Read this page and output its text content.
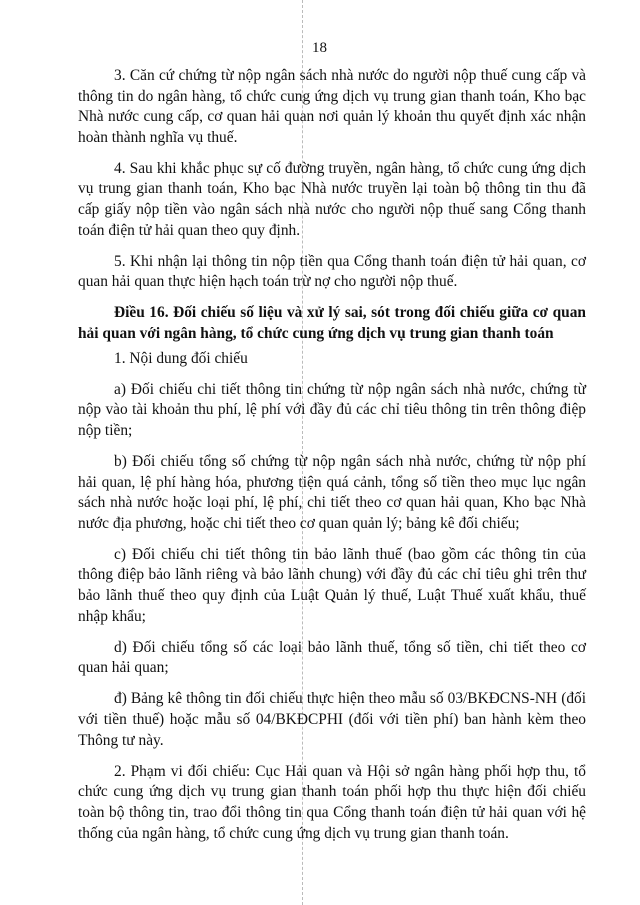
18

3. Căn cứ chứng từ nộp ngân sách nhà nước do người nộp thuế cung cấp và thông tin do ngân hàng, tổ chức cung ứng dịch vụ trung gian thanh toán, Kho bạc Nhà nước cung cấp, cơ quan hải quan nơi quản lý khoản thu quyết định xác nhận hoàn thành nghĩa vụ thuế.

4. Sau khi khắc phục sự cố đường truyền, ngân hàng, tổ chức cung ứng dịch vụ trung gian thanh toán, Kho bạc Nhà nước truyền lại toàn bộ thông tin thu đã cấp giấy nộp tiền vào ngân sách nhà nước cho người nộp thuế sang Cổng thanh toán điện tử hải quan theo quy định.

5. Khi nhận lại thông tin nộp tiền qua Cổng thanh toán điện tử hải quan, cơ quan hải quan thực hiện hạch toán trừ nợ cho người nộp thuế.

Điều 16. Đối chiếu số liệu và xử lý sai, sót trong đối chiếu giữa cơ quan hải quan với ngân hàng, tổ chức cung ứng dịch vụ trung gian thanh toán

1. Nội dung đối chiếu

a) Đối chiếu chi tiết thông tin chứng từ nộp ngân sách nhà nước, chứng từ nộp vào tài khoản thu phí, lệ phí với đầy đủ các chỉ tiêu thông tin trên thông điệp nộp tiền;

b) Đối chiếu tổng số chứng từ nộp ngân sách nhà nước, chứng từ nộp phí hải quan, lệ phí hàng hóa, phương tiện quá cảnh, tổng số tiền theo mục lục ngân sách nhà nước hoặc loại phí, lệ phí, chi tiết theo cơ quan hải quan, Kho bạc Nhà nước địa phương, hoặc chi tiết theo cơ quan quản lý; bảng kê đối chiếu;

c) Đối chiếu chi tiết thông tin bảo lãnh thuế (bao gồm các thông tin của thông điệp bảo lãnh riêng và bảo lãnh chung) với đầy đủ các chỉ tiêu ghi trên thư bảo lãnh thuế theo quy định của Luật Quản lý thuế, Luật Thuế xuất khẩu, thuế nhập khẩu;

d) Đối chiếu tổng số các loại bảo lãnh thuế, tổng số tiền, chi tiết theo cơ quan hải quan;

đ) Bảng kê thông tin đối chiếu thực hiện theo mẫu số 03/BKĐCNS-NH (đối với tiền thuế) hoặc mẫu số 04/BKĐCPHI (đối với tiền phí) ban hành kèm theo Thông tư này.

2. Phạm vi đối chiếu: Cục Hải quan và Hội sở ngân hàng phối hợp thu, tổ chức cung ứng dịch vụ trung gian thanh toán phối hợp thu thực hiện đối chiếu toàn bộ thông tin, trao đổi thông tin qua Cổng thanh toán điện tử hải quan với hệ thống của ngân hàng, tổ chức cung ứng dịch vụ trung gian thanh toán.
